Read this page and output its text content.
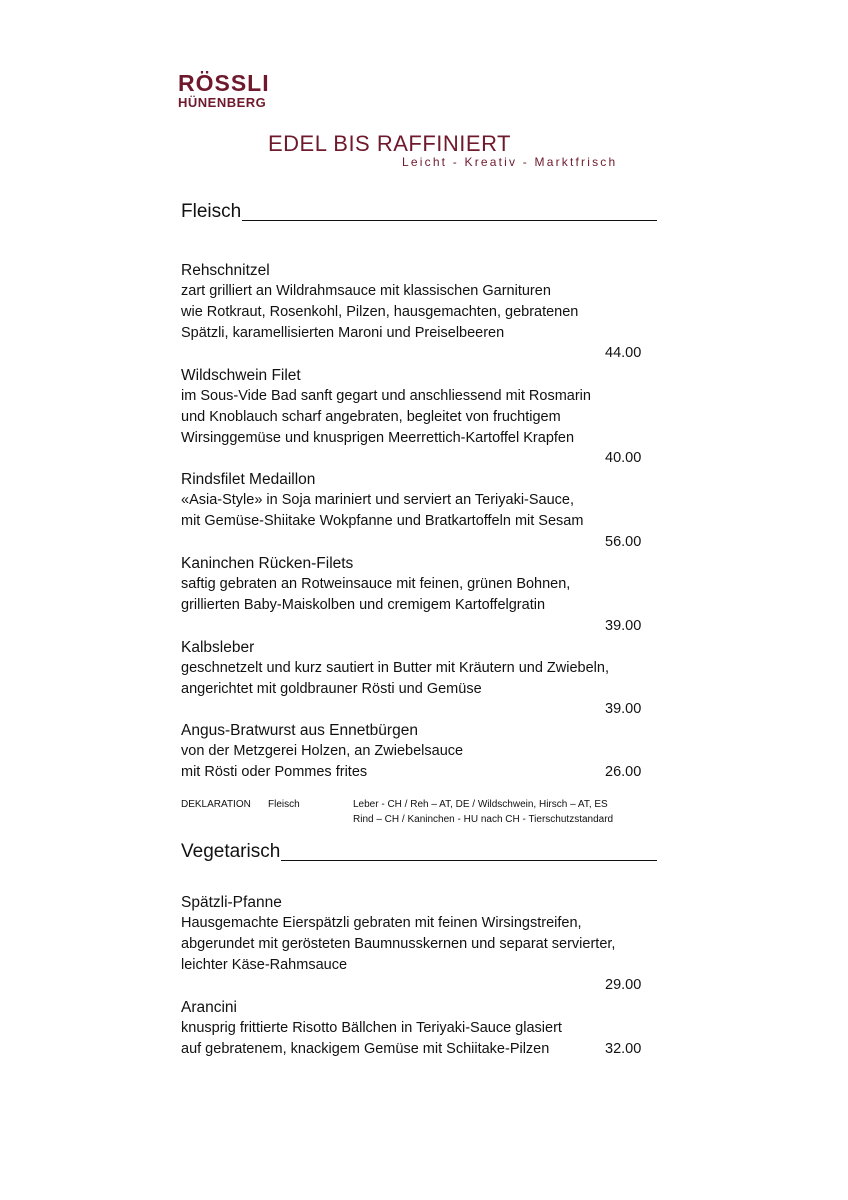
RÖSSLI
HÜNENBERG
EDEL BIS RAFFINIERT
Leicht - Kreativ - Marktfrisch
Fleisch
Rehschnitzel
zart grilliert an Wildrahmsauce mit klassischen Garnituren
wie Rotkraut, Rosenkohl, Pilzen, hausgemachten, gebratenen
Spätzli, karamellisierten Maroni und Preiselbeeren
44.00
Wildschwein Filet
im Sous-Vide Bad sanft gegart und anschliessend mit Rosmarin
und Knoblauch scharf angebraten, begleitet von fruchtigem
Wirsinggemüse und knusprigen Meerrettich-Kartoffel Krapfen
40.00
Rindsfilet Medaillon
«Asia-Style» in Soja mariniert und serviert an Teriyaki-Sauce,
mit Gemüse-Shiitake Wokpfanne und Bratkartoffeln mit Sesam
56.00
Kaninchen Rücken-Filets
saftig gebraten an Rotweinsauce mit feinen, grünen Bohnen,
grillierten Baby-Maiskolben und cremigem Kartoffelgratin
39.00
Kalbsleber
geschnetzelt und kurz sautiert in Butter mit Kräutern und Zwiebeln,
angerichtet mit goldbrauner Rösti und Gemüse
39.00
Angus-Bratwurst aus Ennetbürgen
von der Metzgerei Holzen, an Zwiebelsauce
mit Rösti oder Pommes frites	26.00
DEKLARATION Fleisch	Leber - CH / Reh – AT, DE / Wildschwein, Hirsch – AT, ES
Rind – CH / Kaninchen - HU nach CH - Tierschutzstandard
Vegetarisch
Spätzli-Pfanne
Hausgemachte Eierspätzli gebraten mit feinen Wirsingstreifen,
abgerundet mit gerösteten Baumnusskernen und separat servierter,
leichter Käse-Rahmsauce
29.00
Arancini
knusprig frittierte Risotto Bällchen in Teriyaki-Sauce glasiert
auf gebratenem, knackigem Gemüse mit Schiitake-Pilzen	32.00
